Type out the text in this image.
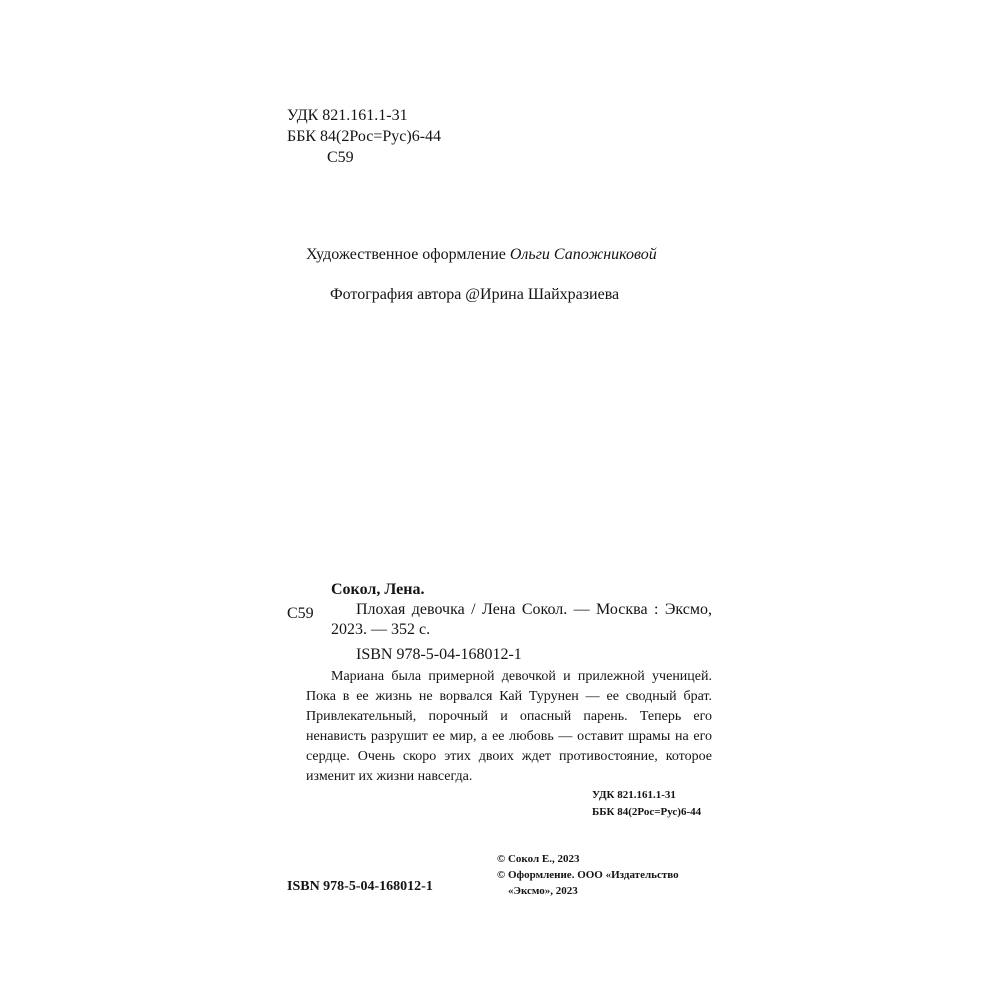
УДК 821.161.1-31
ББК 84(2Рос=Рус)6-44
С59
Художественное оформление Ольги Сапожниковой
Фотография автора @Ирина Шайхразиева
Сокол, Лена.
С59	Плохая девочка / Лена Сокол. — Москва : Эксмо, 2023. — 352 с.
ISBN 978-5-04-168012-1
Мариана была примерной девочкой и прилежной ученицей. Пока в ее жизнь не ворвался Кай Турунен — ее сводный брат. Привлекательный, порочный и опасный парень. Теперь его ненависть разрушит ее мир, а ее любовь — оставит шрамы на его сердце. Очень скоро этих двоих ждет противостояние, которое изменит их жизни навсегда.
УДК 821.161.1-31
ББК 84(2Рос=Рус)6-44
ISBN 978-5-04-168012-1
© Сокол Е., 2023
© Оформление. ООО «Издательство
«Эксмо», 2023
